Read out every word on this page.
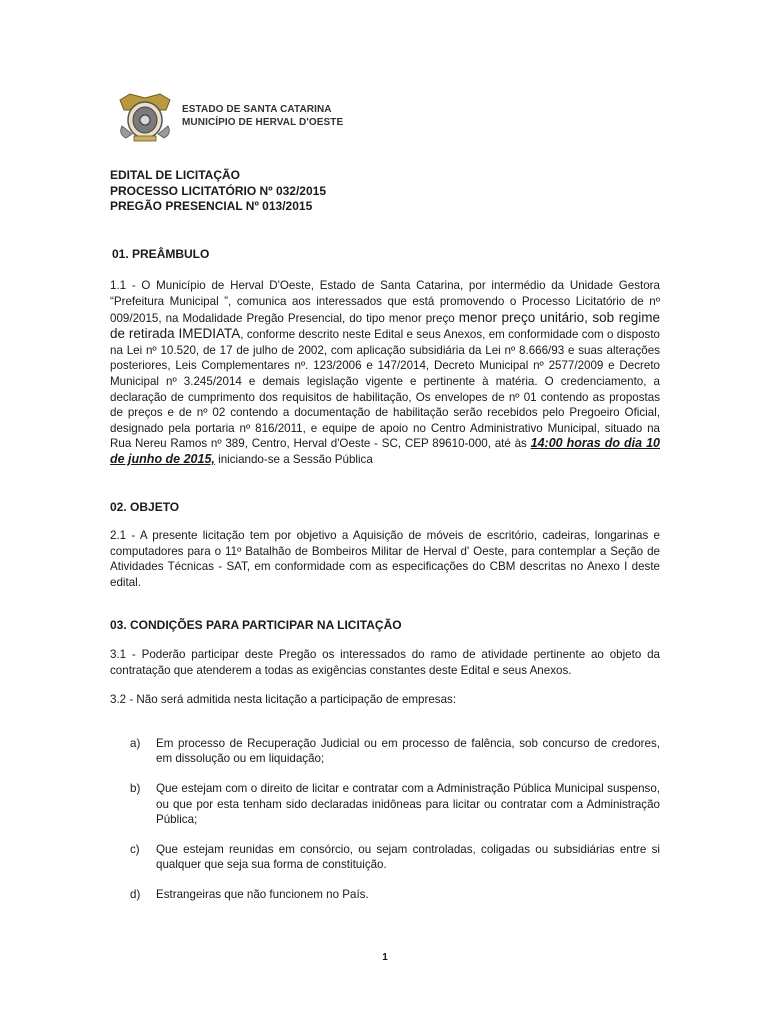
ESTADO DE SANTA CATARINA
MUNICÍPIO DE HERVAL D'OESTE
EDITAL DE LICITAÇÃO
PROCESSO LICITATÓRIO Nº 032/2015
PREGÃO PRESENCIAL Nº 013/2015
01. PREÂMBULO

1.1 - O Município de Herval D'Oeste, Estado de Santa Catarina, por intermédio da Unidade Gestora “Prefeitura Municipal ”, comunica aos interessados que está promovendo o Processo Licitatório de nº 009/2015, na Modalidade Pregão Presencial, do tipo menor preço menor preço unitário, sob regime de retirada IMEDIATA, conforme descrito neste Edital e seus Anexos, em conformidade com o disposto na Lei nº 10.520, de 17 de julho de 2002, com aplicação subsidiária da Lei nº 8.666/93 e suas alterações posteriores, Leis Complementares nº. 123/2006 e 147/2014, Decreto Municipal nº 2577/2009 e Decreto Municipal nº 3.245/2014 e demais legislação vigente e pertinente à matéria. O credenciamento, a declaração de cumprimento dos requisitos de habilitação, Os envelopes de nº 01 contendo as propostas de preços e de nº 02 contendo a documentação de habilitação serão recebidos pelo Pregoeiro Oficial, designado pela portaria nº 816/2011, e equipe de apoio no Centro Administrativo Municipal, situado na Rua Nereu Ramos nº 389, Centro, Herval d'Oeste - SC, CEP 89610-000, até às 14:00 horas do dia 10 de junho de 2015, iniciando-se a Sessão Pública

02. OBJETO

2.1 - A presente licitação tem por objetivo a Aquisição de móveis de escritório, cadeiras, longarinas e computadores para o 11º Batalhão de Bombeiros Militar de Herval d' Oeste, para contemplar a Seção de Atividades Técnicas - SAT, em conformidade com as especificações do CBM descritas no Anexo I deste edital.

03. CONDIÇÕES PARA PARTICIPAR NA LICITAÇÃO

3.1 - Poderão participar deste Pregão os interessados do ramo de atividade pertinente ao objeto da contratação que atenderem a todas as exigências constantes deste Edital e seus Anexos.

3.2 - Não será admitida nesta licitação a participação de empresas:

a)	Em processo de Recuperação Judicial ou em processo de falência, sob concurso de credores, em dissolução ou em liquidação;
b)	Que estejam com o direito de licitar e contratar com a Administração Pública Municipal suspenso, ou que por esta tenham sido declaradas inidôneas para licitar ou contratar com a Administração Pública;
c)	Que estejam reunidas em consórcio, ou sejam controladas, coligadas ou subsidiárias entre si qualquer que seja sua forma de constituição.
d)	Estrangeiras que não funcionem no País.
1
